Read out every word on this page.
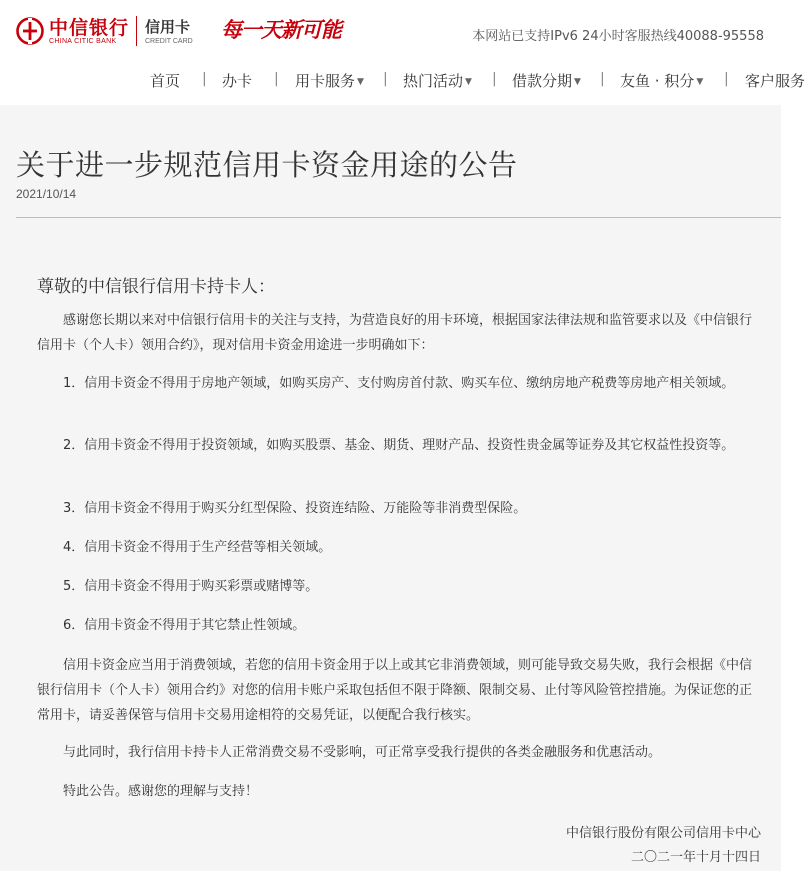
中信银行
CHINA CITIC BANK
信用卡
CREDIT CARD 每一天新可能	本网站已支持IPv6 24小时客服热线40088-95558
首页 | 办卡 | 用卡服务 ▼ | 热门活动 ▼ | 借款分期 ▼ | 友鱼 · 积分 ▼ | 客户服务
关于进一步规范信用卡资金用途的公告
2021/10/14
尊敬的中信银行信用卡持卡人：

感谢您长期以来对中信银行信用卡的关注与支持，为营造良好的用卡环境，根据国家法律法规和监管要求以及《中信银行信用卡（个人卡）领用合约》，现对信用卡资金用途进一步明确如下：

1．信用卡资金不得用于房地产领域，如购买房产、支付购房首付款、购买车位、缴纳房地产税费等房地产相关领域。

2．信用卡资金不得用于投资领域，如购买股票、基金、期货、理财产品、投资性贵金属等证券及其它权益性投资等。

3．信用卡资金不得用于购买分红型保险、投资连结险、万能险等非消费型保险。

4．信用卡资金不得用于生产经营等相关领域。

5．信用卡资金不得用于购买彩票或赌博等。

6．信用卡资金不得用于其它禁止性领域。

信用卡资金应当用于消费领域，若您的信用卡资金用于以上或其它非消费领域，则可能导致交易失败，我行会根据《中信银行信用卡（个人卡）领用合约》对您的信用卡账户采取包括但不限于降额、限制交易、止付等风险管控措施。为保证您的正常用卡，请妥善保管与信用卡交易用途相符的交易凭证，以便配合我行核实。

与此同时，我行信用卡持卡人正常消费交易不受影响，可正常享受我行提供的各类金融服务和优惠活动。

特此公告。感谢您的理解与支持！

中信银行股份有限公司信用卡中心
二〇二一年十月十四日
